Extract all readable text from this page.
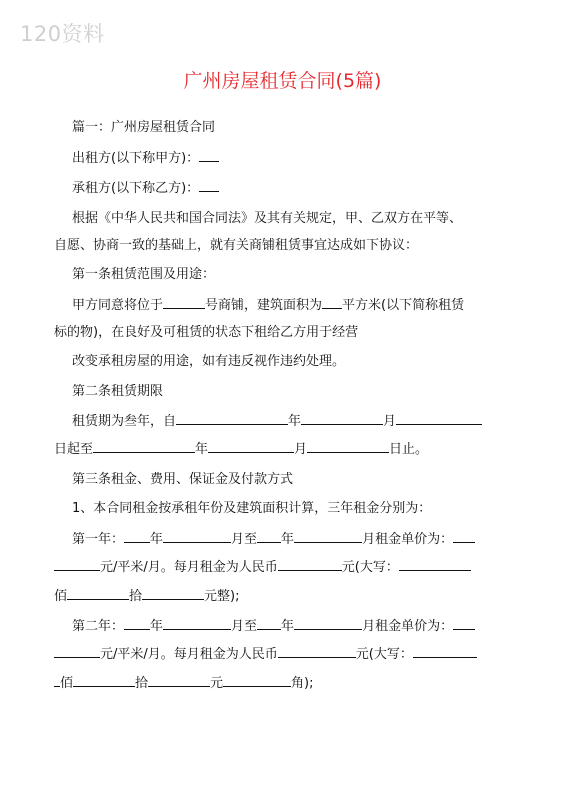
120资料
广州房屋租赁合同(5篇)
篇一：广州房屋租赁合同
出租方(以下称甲方)：
承租方(以下称乙方)：
根据《中华人民共和国合同法》及其有关规定，甲、乙双方在平等、
自愿、协商一致的基础上，就有关商铺租赁事宜达成如下协议：
第一条租赁范围及用途：
甲方同意将位于	号商铺，建筑面积为 平方米(以下简称租赁
标的物)，在良好及可租赁的状态下租给乙方用于经营
改变承租房屋的用途，如有违反视作违约处理。
第二条租赁期限
租赁期为叁年，自	年	月
日起至	年	月	日止。
第三条租金、费用、保证金及付款方式
1、本合同租金按承租年份及建筑面积计算，三年租金分别为：
第一年： 年	月至 年	月租金单价为：
元/平米/月。每月租金为人民币	元(大写：
佰	拾	元整);
第二年： 年	月至 年	月租金单价为：
元/平米/月。每月租金为人民币	元(大写：
佰	拾	元	角);
